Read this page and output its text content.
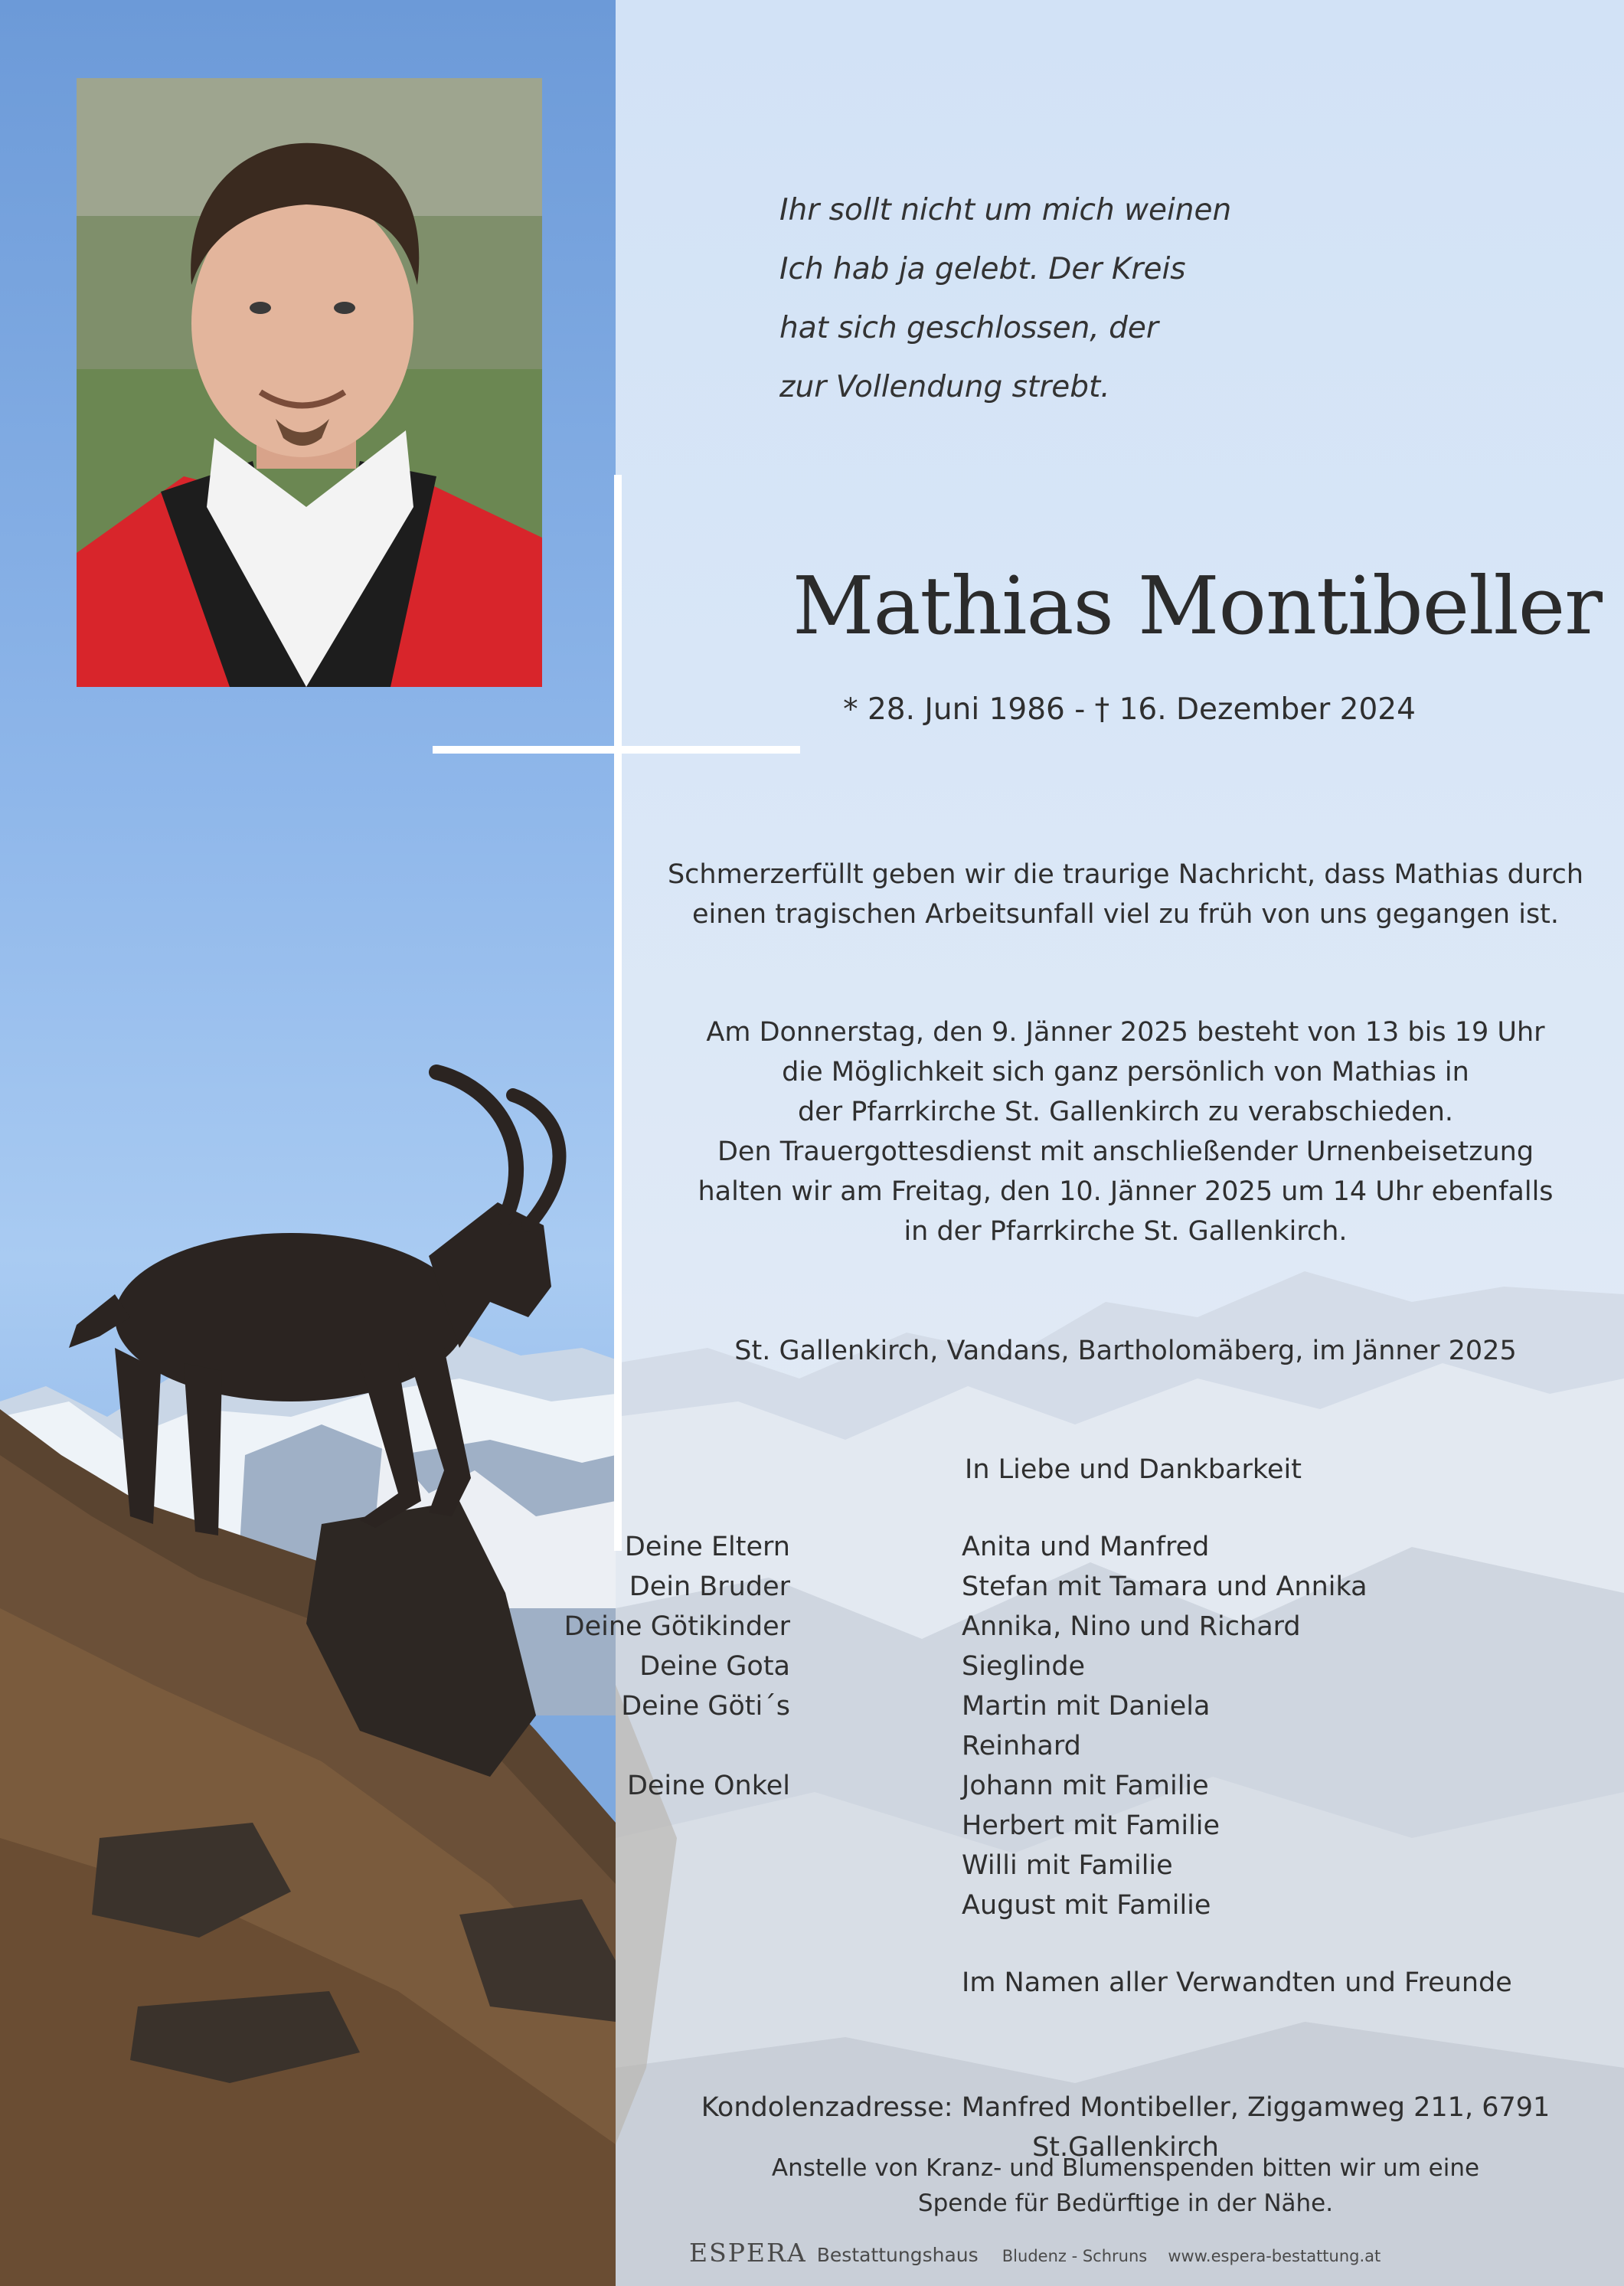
Ihr sollt nicht um mich weinen
Ich hab ja gelebt. Der Kreis
hat sich geschlossen, der
zur Vollendung strebt.
Mathias Montibeller
* 28. Juni 1986 - † 16. Dezember 2024
Schmerzerfüllt geben wir die traurige Nachricht, dass Mathias durch einen tragischen Arbeitsunfall viel zu früh von uns gegangen ist.
Am Donnerstag, den 9. Jänner 2025 besteht von 13 bis 19 Uhr
die Möglichkeit sich ganz persönlich von Mathias in
der Pfarrkirche St. Gallenkirch zu verabschieden.
Den Trauergottesdienst mit anschließender Urnenbeisetzung
halten wir am Freitag, den 10. Jänner 2025 um 14 Uhr ebenfalls
in der Pfarrkirche St. Gallenkirch.
St. Gallenkirch, Vandans, Bartholomäberg, im Jänner 2025
In Liebe und Dankbarkeit
Deine Eltern	Anita und Manfred
Dein Bruder	Stefan mit Tamara und Annika
Deine Götikinder	Annika, Nino und Richard
Deine Gota	Sieglinde
Deine Göti´s	Martin mit Daniela
Reinhard
Deine Onkel	Johann mit Familie
Herbert mit Familie
Willi mit Familie
August mit Familie
Im Namen aller Verwandten und Freunde
Kondolenzadresse: Manfred Montibeller, Ziggamweg 211, 6791 St.Gallenkirch
Anstelle von Kranz- und Blumenspenden bitten wir um eine
Spende für Bedürftige in der Nähe.
ESPERA Bestattungshaus Bludenz - Schruns www.espera-bestattung.at
